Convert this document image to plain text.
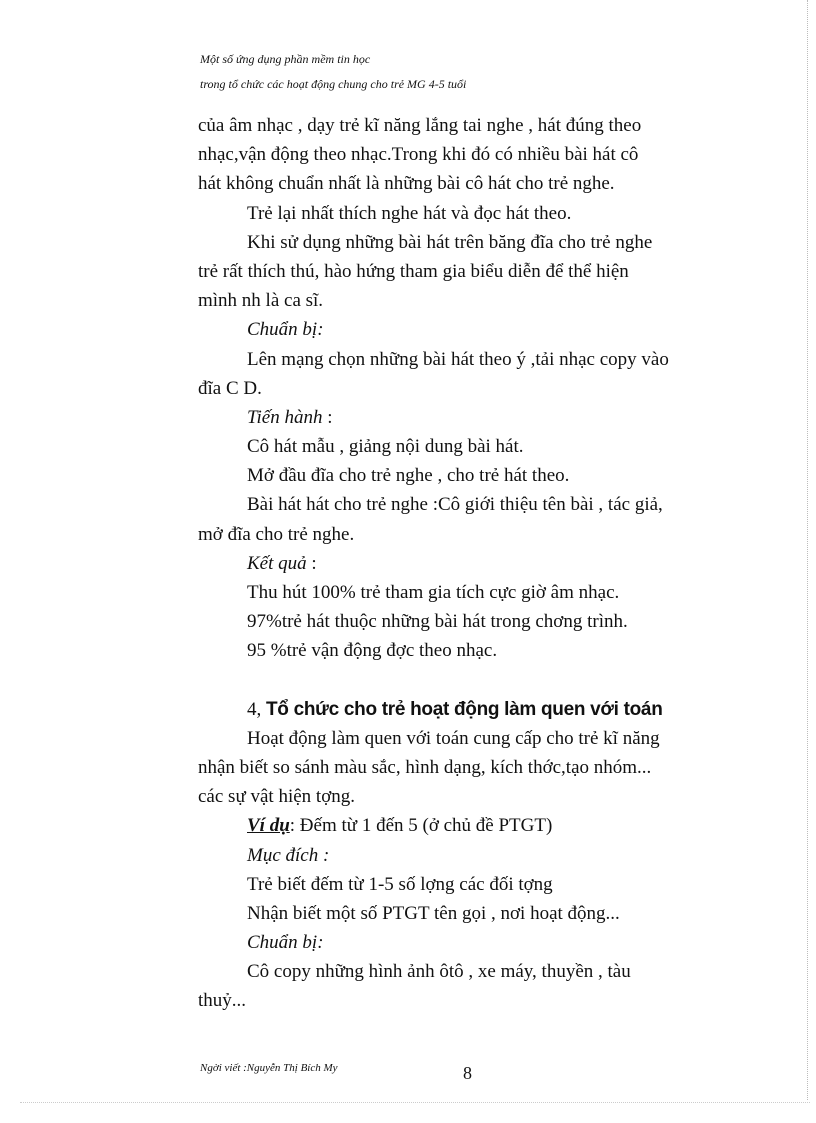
Một số ứng dụng phần mềm tin học
trong tổ chức các hoạt động chung cho trẻ MG 4-5 tuổi
của âm nhạc , dạy trẻ kĩ năng lắng tai nghe , hát đúng theo
nhạc,vận động theo nhạc.Trong khi đó có nhiều bài hát cô
hát không chuẩn nhất là những bài cô hát cho trẻ nghe.
Trẻ lại nhất thích nghe hát và đọc hát theo.
Khi sử dụng những bài hát trên băng đĩa cho trẻ nghe
trẻ rất thích thú, hào hứng tham gia biểu diễn để thể hiện
mình nh là ca sĩ.
Chuẩn bị:
Lên mạng chọn những bài hát theo ý ,tải nhạc copy vào
đĩa C D.
Tiến hành :
Cô hát mẫu , giảng nội dung bài hát.
Mở đầu đĩa cho trẻ nghe , cho trẻ hát theo.
Bài hát hát cho trẻ nghe :Cô giới thiệu tên bài , tác giả,
mở đĩa cho trẻ nghe.
Kết quả :
Thu hút 100% trẻ tham gia tích cực giờ âm nhạc.
97%trẻ hát thuộc những bài hát trong chơng trình.
95 %trẻ vận động đợc theo nhạc.
4, Tổ chức cho trẻ hoạt động làm quen với toán
Hoạt động làm quen với toán cung cấp cho trẻ kĩ năng
nhận biết so sánh màu sắc, hình dạng, kích thớc,tạo nhóm...
các sự vật hiện tợng.
Ví dụ: Đếm từ 1 đến 5 (ở chủ đề PTGT)
Mục đích :
Trẻ biết đếm từ 1-5 số lợng các đối tợng
Nhận biết một số PTGT tên gọi , nơi hoạt động...
Chuẩn bị:
Cô copy những hình ảnh ôtô , xe máy, thuyền , tàu
thuỷ...
Ngời viết :Nguyễn Thị Bích My	8
